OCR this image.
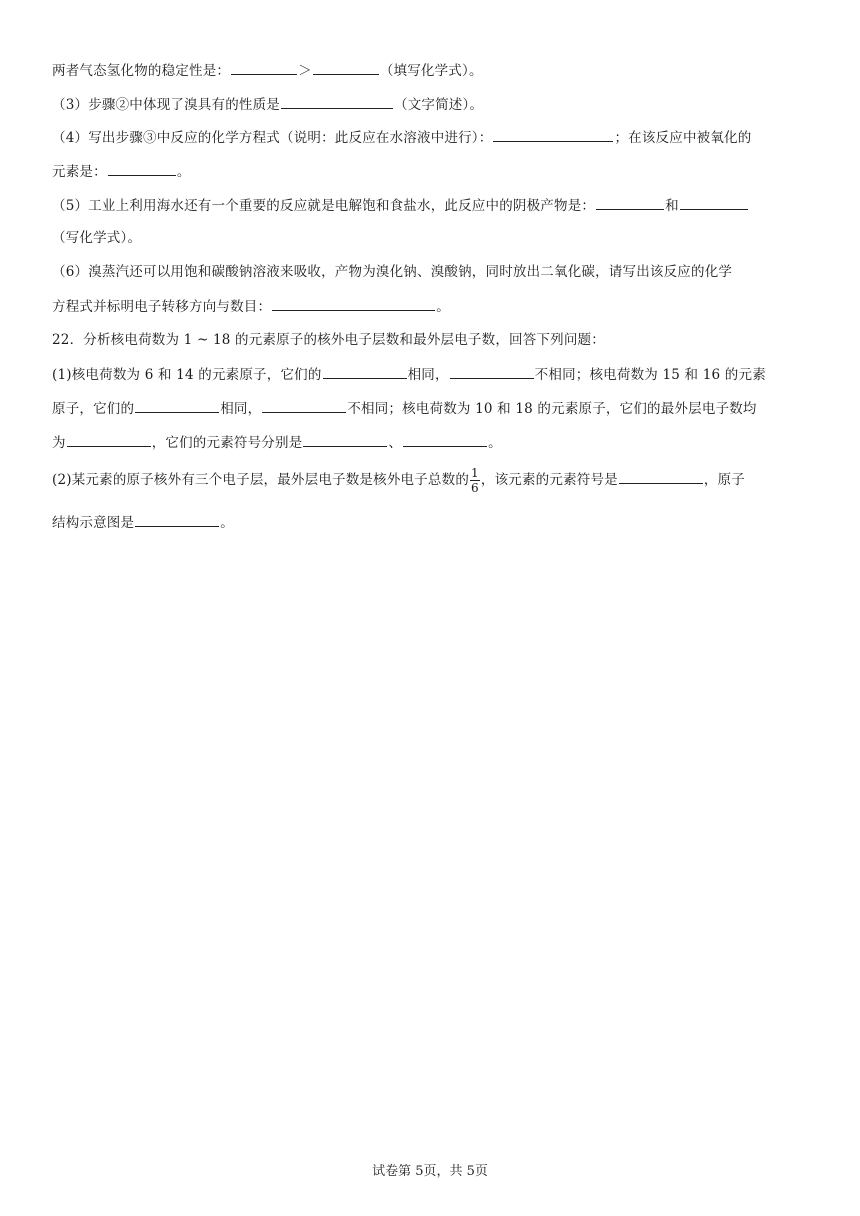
两者气态氢化物的稳定性是：	＞	（填写化学式）。
（3）步骤②中体现了溴具有的性质是	（文字简述）。
（4）写出步骤③中反应的化学方程式（说明：此反应在水溶液中进行）：	；在该反应中被氧化的
元素是：	。
（5）工业上利用海水还有一个重要的反应就是电解饱和食盐水，此反应中的阴极产物是：	和
（写化学式）。
（6）溴蒸汽还可以用饱和碳酸钠溶液来吸收，产物为溴化钠、溴酸钠，同时放出二氧化碳，请写出该反应的化学
方程式并标明电子转移方向与数目：	。
22．分析核电荷数为 1 ~ 18 的元素原子的核外电子层数和最外层电子数，回答下列问题：
(1)核电荷数为 6 和 14 的元素原子，它们的	相同，	不相同；核电荷数为 15 和 16 的元素
原子，它们的	相同，	不相同；核电荷数为 10 和 18 的元素原子，它们的最外层电子数均
为	，它们的元素符号分别是	、	。
(2)某元素的原子核外有三个电子层，最外层电子数是核外电子总数的 $\frac{1}{6}$ ，该元素的元素符号是	，原子
结构示意图是	。
试卷第 5页，共 5页
